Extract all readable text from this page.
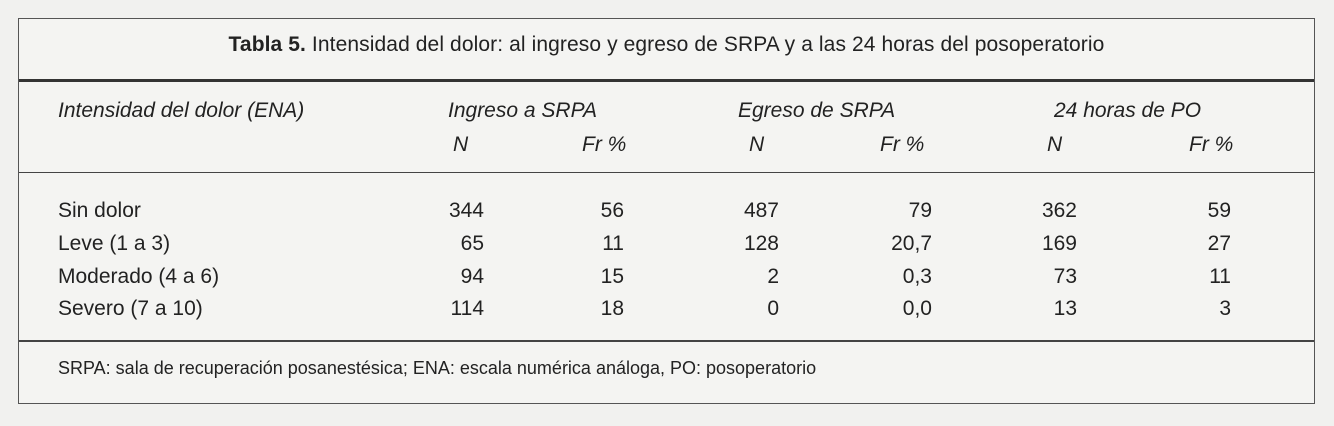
Tabla 5. Intensidad del dolor: al ingreso y egreso de SRPA y a las 24 horas del posoperatorio
Intensidad del dolor (ENA)	Ingreso a SRPA	Egreso de SRPA	24 horas de PO
N	Fr %	N	Fr %	N	Fr %
Sin dolor	344	56	487	79	362	59
Leve (1 a 3)	65	11	128	20,7	169	27
Moderado (4 a 6)	94	15	2	0,3	73	11
Severo (7 a 10)	114	18	0	0,0	13	3
SRPA: sala de recuperación posanestésica; ENA: escala numérica análoga, PO: posoperatorio
